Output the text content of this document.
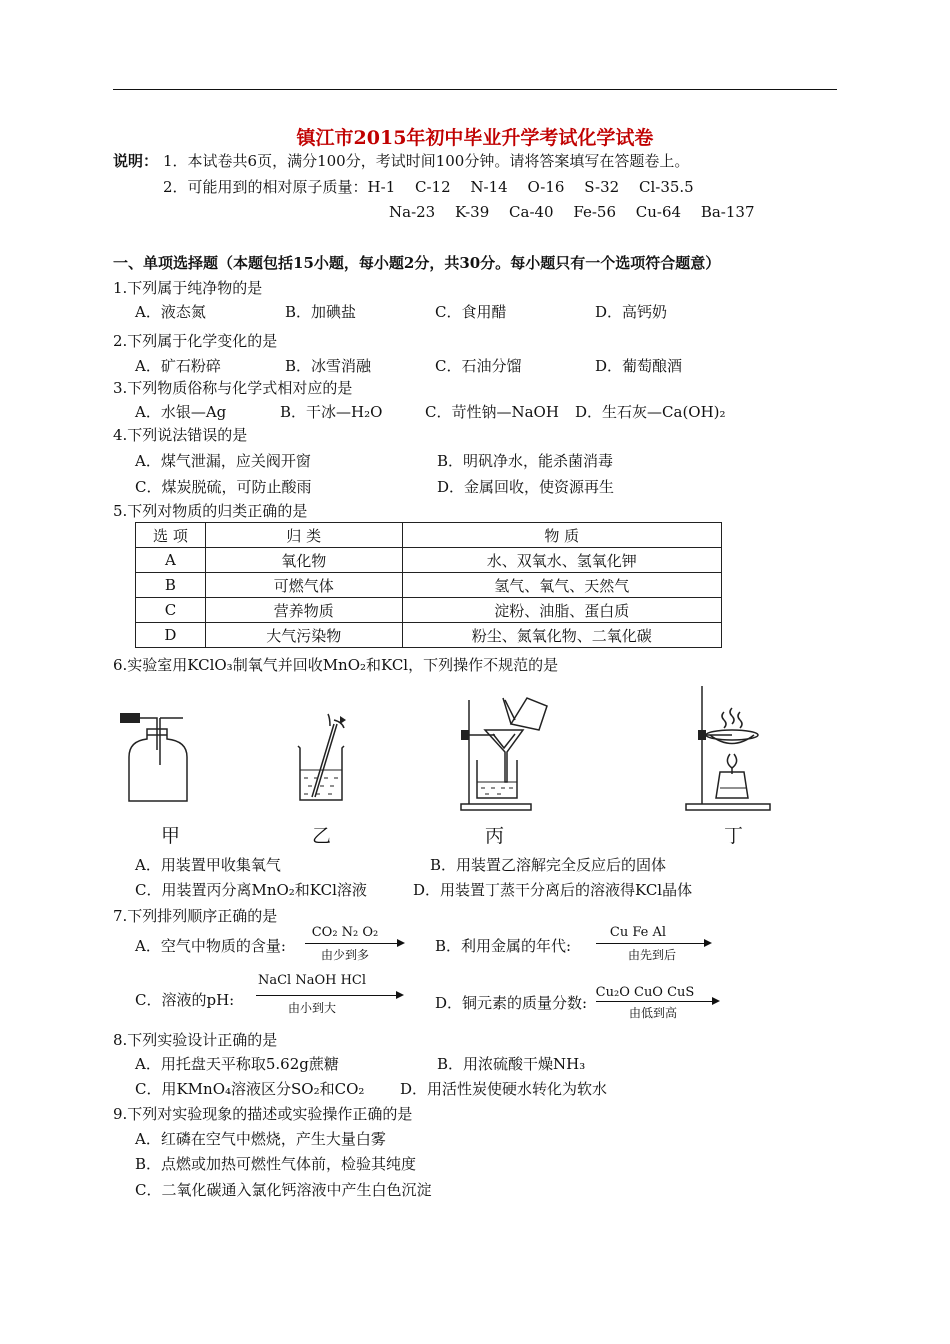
镇江市2015年初中毕业升学考试化学试卷
说明： 1．本试卷共6页，满分100分，考试时间100分钟。请将答案填写在答题卷上。
2．可能用到的相对原子质量：H-1　 C-12　 N-14　 O-16　 S-32　 Cl-35.5
Na-23　 K-39　 Ca-40　 Fe-56　 Cu-64　 Ba-137
一、单项选择题（本题包括15小题，每小题2分，共30分。每小题只有一个选项符合题意）
1.下列属于纯净物的是
A．液态氮	B．加碘盐	C．食用醋	D．高钙奶
2.下列属于化学变化的是
A．矿石粉碎	B．冰雪消融	C．石油分馏	D．葡萄酿酒
3.下列物质俗称与化学式相对应的是
A．水银—Ag	B．干冰—H₂O	C．苛性钠—NaOH D．生石灰—Ca(OH)₂
4.下列说法错误的是
A．煤气泄漏，应关阀开窗	B．明矾净水，能杀菌消毒
C．煤炭脱硫，可防止酸雨	D．金属回收，使资源再生
5.下列对物质的归类正确的是
选 项	归 类	物 质
A	氧化物	水、双氧水、氢氧化钾
B	可燃气体	氢气、氧气、天然气
C	营养物质	淀粉、油脂、蛋白质
D	大气污染物	粉尘、氮氧化物、二氧化碳
6.实验室用KClO₃制氧气并回收MnO₂和KCl，下列操作不规范的是
甲	乙	丙	丁
A．用装置甲收集氧气	B．用装置乙溶解完全反应后的固体
C．用装置丙分离MnO₂和KCl溶液	D．用装置丁蒸干分离后的溶液得KCl晶体
7.下列排列顺序正确的是
A．空气中物质的含量:
CO₂ N₂ O₂
由少到多	B．利用金属的年代:
Cu Fe Al
由先到后
C．溶液的pH:
NaCl NaOH HCl
由小到大	D．铜元素的质量分数:
Cu₂O CuO CuS
由低到高
8.下列实验设计正确的是
A．用托盘天平称取5.62g蔗糖	B．用浓硫酸干燥NH₃
C．用KMnO₄溶液区分SO₂和CO₂ D．用活性炭使硬水转化为软水
9.下列对实验现象的描述或实验操作正确的是
A．红磷在空气中燃烧，产生大量白雾
B．点燃或加热可燃性气体前，检验其纯度
C．二氧化碳通入氯化钙溶液中产生白色沉淀
